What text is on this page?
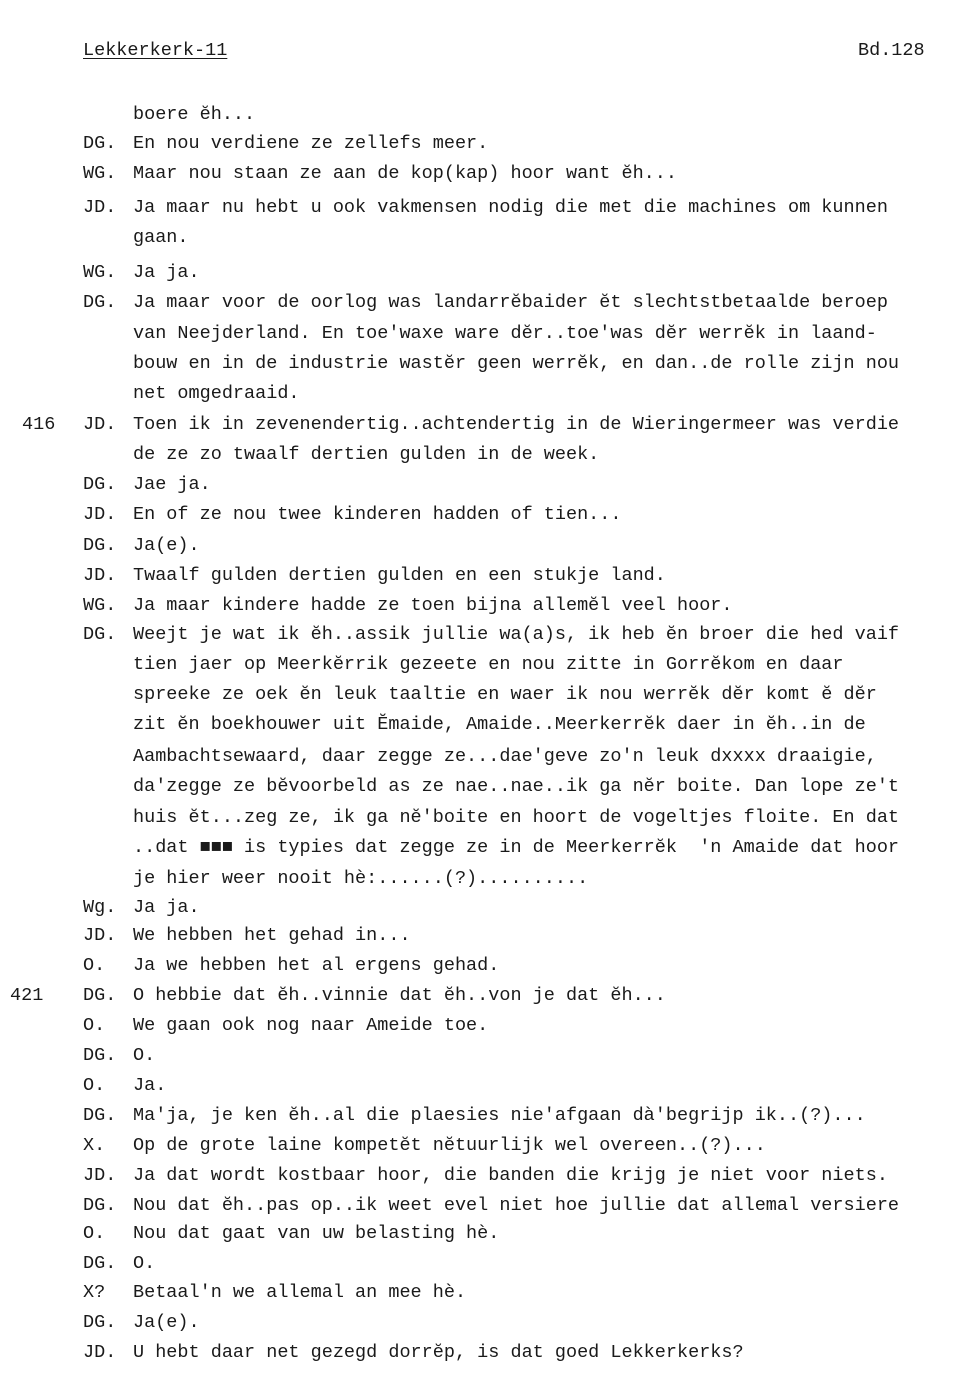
Lekkerkerk-11	Bd.128
boere ĕh...
DG. En nou verdiene ze zellefs meer.
WG. Maar nou staan ze aan de kop(kap) hoor want ĕh...
JD. Ja maar nu hebt u ook vakmensen nodig die met die machines om kunnen
gaan.
WG. Ja ja.
DG. Ja maar voor de oorlog was landarrĕbaider ĕt slechtstbetaalde beroep
van Neejderland. En toe'waxe ware dĕr..toe'was dĕr werrĕk in laand-
bouw en in de industrie wastĕr geen werrĕk, en dan..de rolle zijn nou
net omgedraaid.
416	JD. Toen ik in zevenendertig..achtendertig in de Wieringermeer was verdie
de ze zo twaalf dertien gulden in de week.
DG. Jae ja.
JD. En of ze nou twee kinderen hadden of tien...
DG. Ja(e).
JD. Twaalf gulden dertien gulden en een stukje land.
WG. Ja maar kindere hadde ze toen bijna allemĕl veel hoor.
DG. Weejt je wat ik ĕh..assik jullie wa(a)s, ik heb ĕn broer die hed vaif
tien jaer op Meerkĕrrik gezeete en nou zitte in Gorrĕkom en daar
spreeke ze oek ĕn leuk taaltie en waer ik nou werrĕk dĕr komt ĕ dĕr
zit ĕn boekhouwer uit Ĕmaide, Amaide..Meerkerrĕk daer in ĕh..in de
Aambachtsewaard, daar zegge ze...dae'geve zo'n leuk dxxxx draaigie,
da'zegge ze bĕvoorbeld as ze nae..nae..ik ga nĕr boite. Dan lope ze't
huis ĕt...zeg ze, ik ga nĕ'boite en hoort de vogeltjes floite. En dat
..dat ■■■ is typies dat zegge ze in de Meerkerrĕk  'n Amaide dat hoor
je hier weer nooit hè:......(?)..........
Wg. Ja ja.
JD. We hebben het gehad in...
O. Ja we hebben het al ergens gehad.
421	DG. O hebbie dat ĕh..vinnie dat ĕh..von je dat ĕh...
O. We gaan ook nog naar Ameide toe.
DG. O.
O. Ja.
DG. Ma'ja, je ken ĕh..al die plaesies nie'afgaan dà'begrijp ik..(?)...
X. Op de grote laine kompetĕt nĕtuurlijk wel overeen..(?)...
JD. Ja dat wordt kostbaar hoor, die banden die krijg je niet voor niets.
DG. Nou dat ĕh..pas op..ik weet evel niet hoe jullie dat allemal versiere
O. Nou dat gaat van uw belasting hè.
DG. O.
X? Betaal'n we allemal an mee hè.
DG. Ja(e).
JD. U hebt daar net gezegd dorrĕp, is dat goed Lekkerkerks?
